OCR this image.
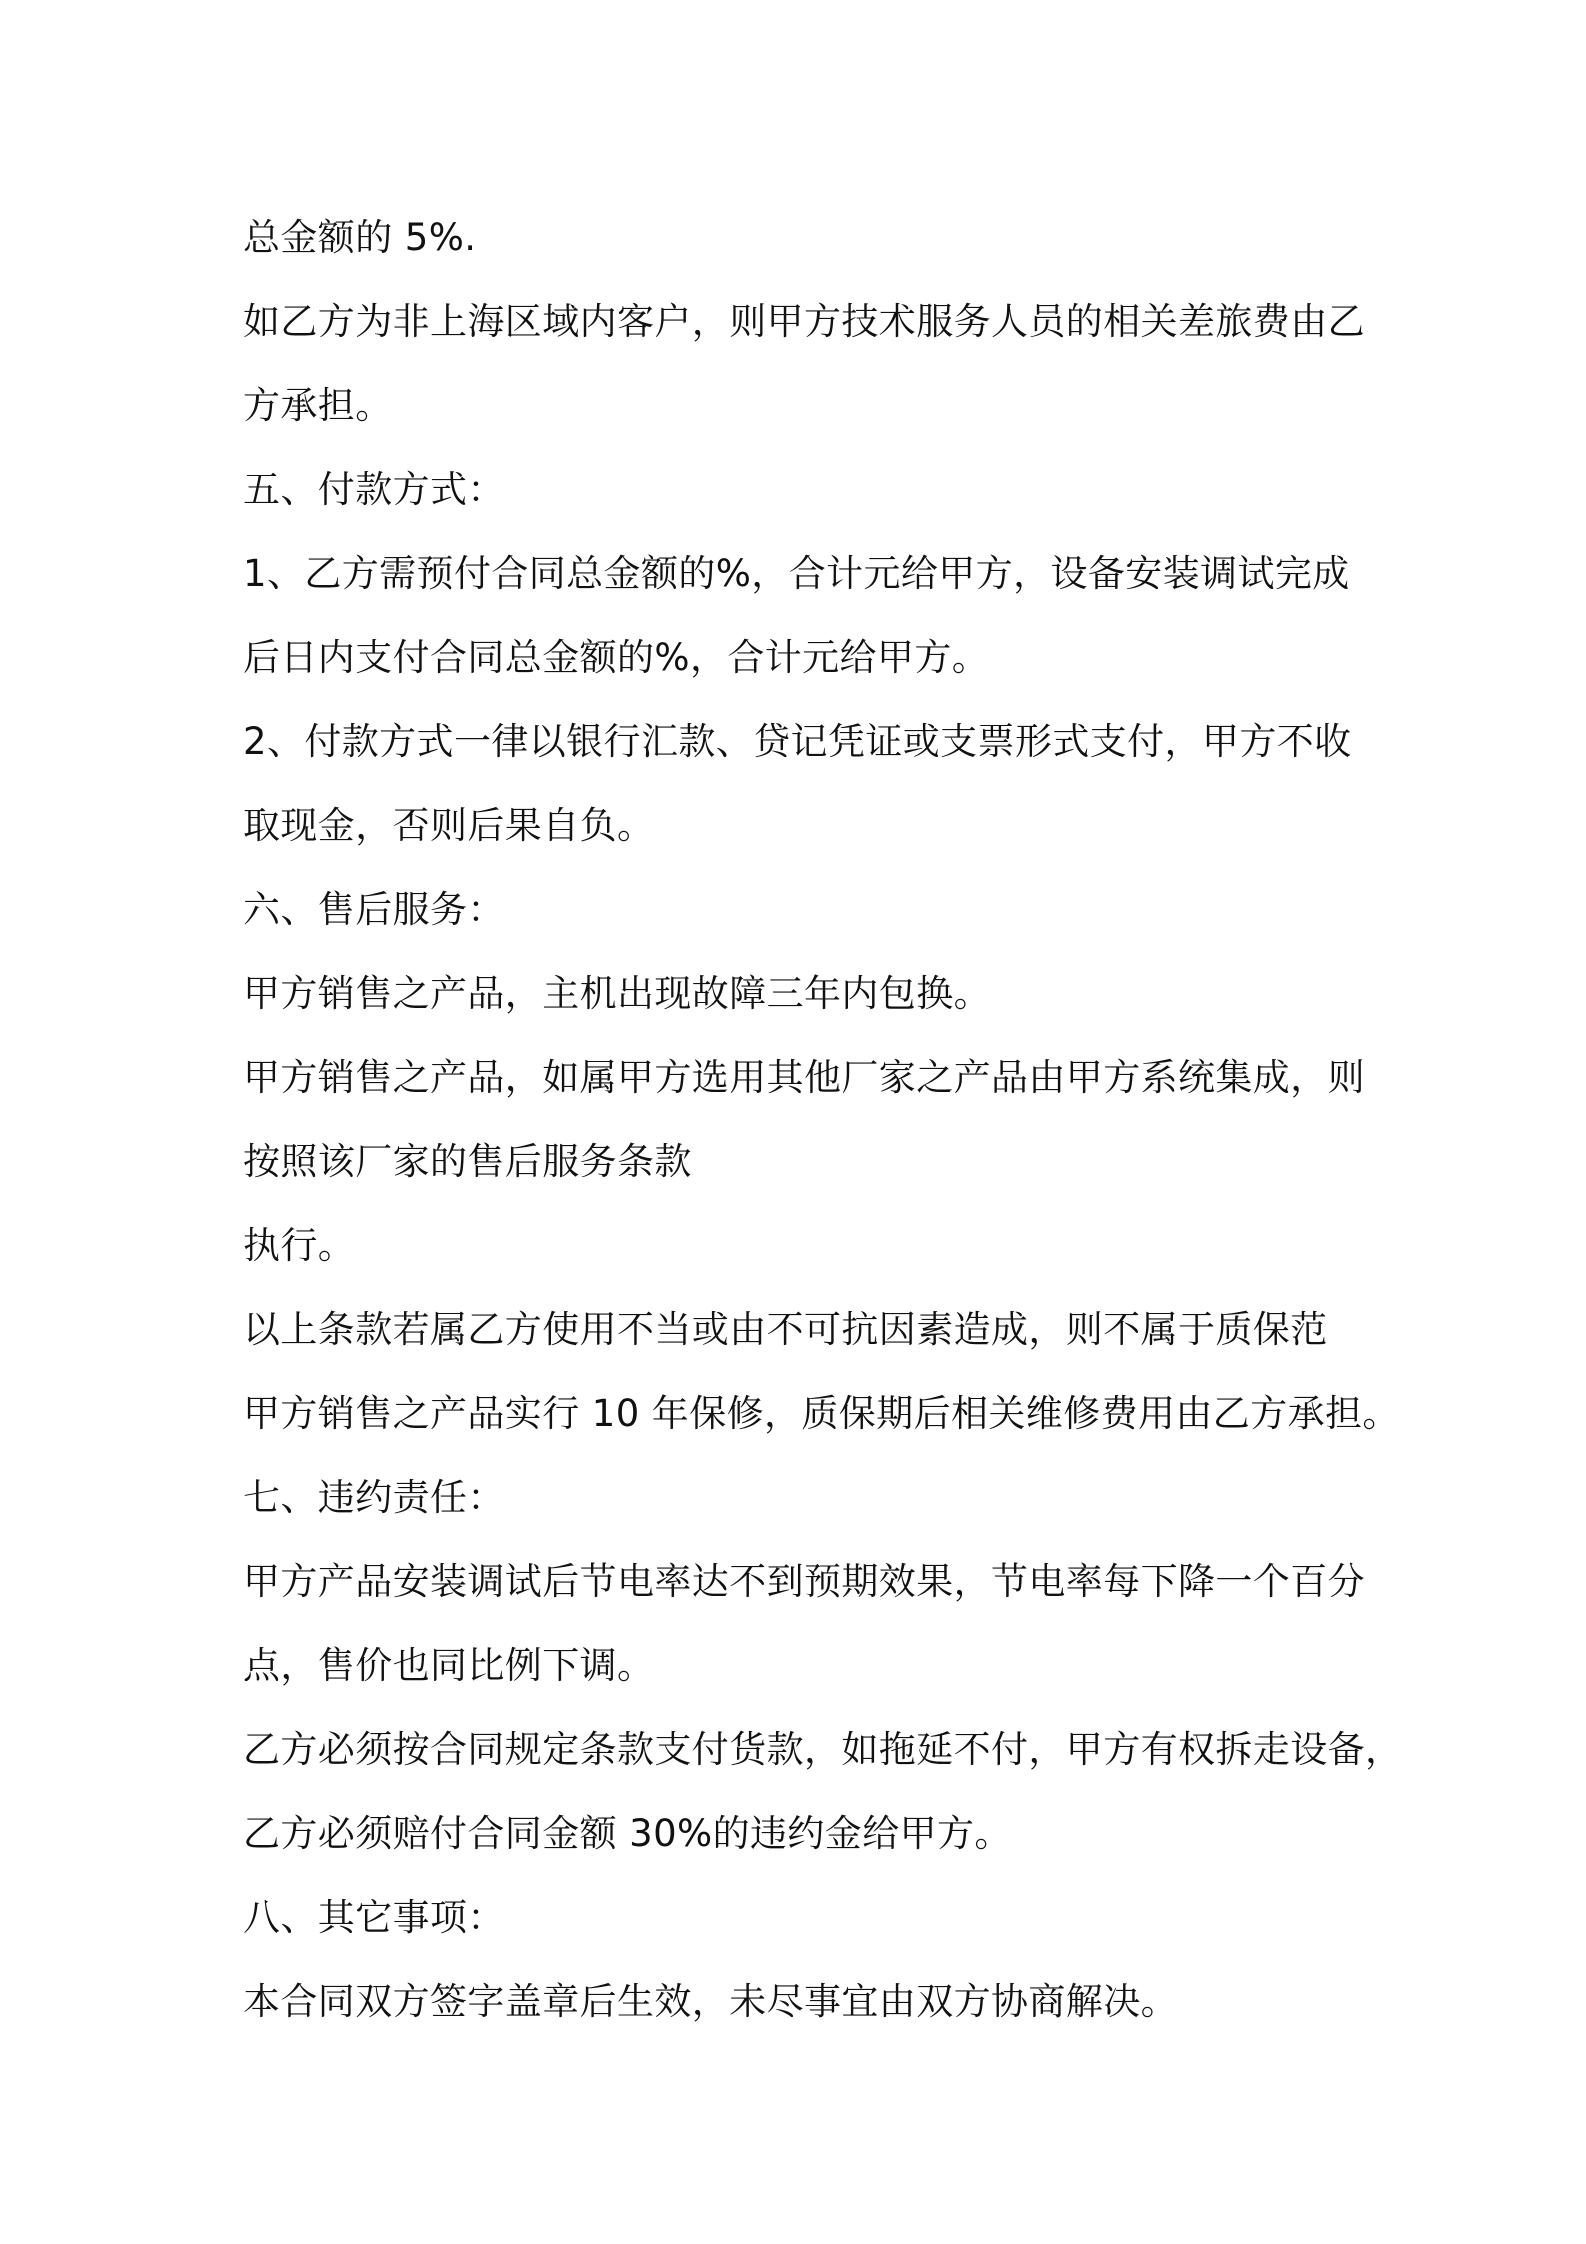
总金额的 5%.
如乙方为非上海区域内客户，则甲方技术服务人员的相关差旅费由乙
方承担。
五、付款方式：
1、乙方需预付合同总金额的%，合计元给甲方，设备安装调试完成
后日内支付合同总金额的%，合计元给甲方。
2、付款方式一律以银行汇款、贷记凭证或支票形式支付，甲方不收
取现金，否则后果自负。
六、售后服务：
甲方销售之产品，主机出现故障三年内包换。
甲方销售之产品，如属甲方选用其他厂家之产品由甲方系统集成，则
按照该厂家的售后服务条款
执行。
以上条款若属乙方使用不当或由不可抗因素造成，则不属于质保范
甲方销售之产品实行 10 年保修，质保期后相关维修费用由乙方承担。
七、违约责任：
甲方产品安装调试后节电率达不到预期效果，节电率每下降一个百分
点，售价也同比例下调。
乙方必须按合同规定条款支付货款，如拖延不付，甲方有权拆走设备，
乙方必须赔付合同金额 30%的违约金给甲方。
八、其它事项：
本合同双方签字盖章后生效，未尽事宜由双方协商解决。
